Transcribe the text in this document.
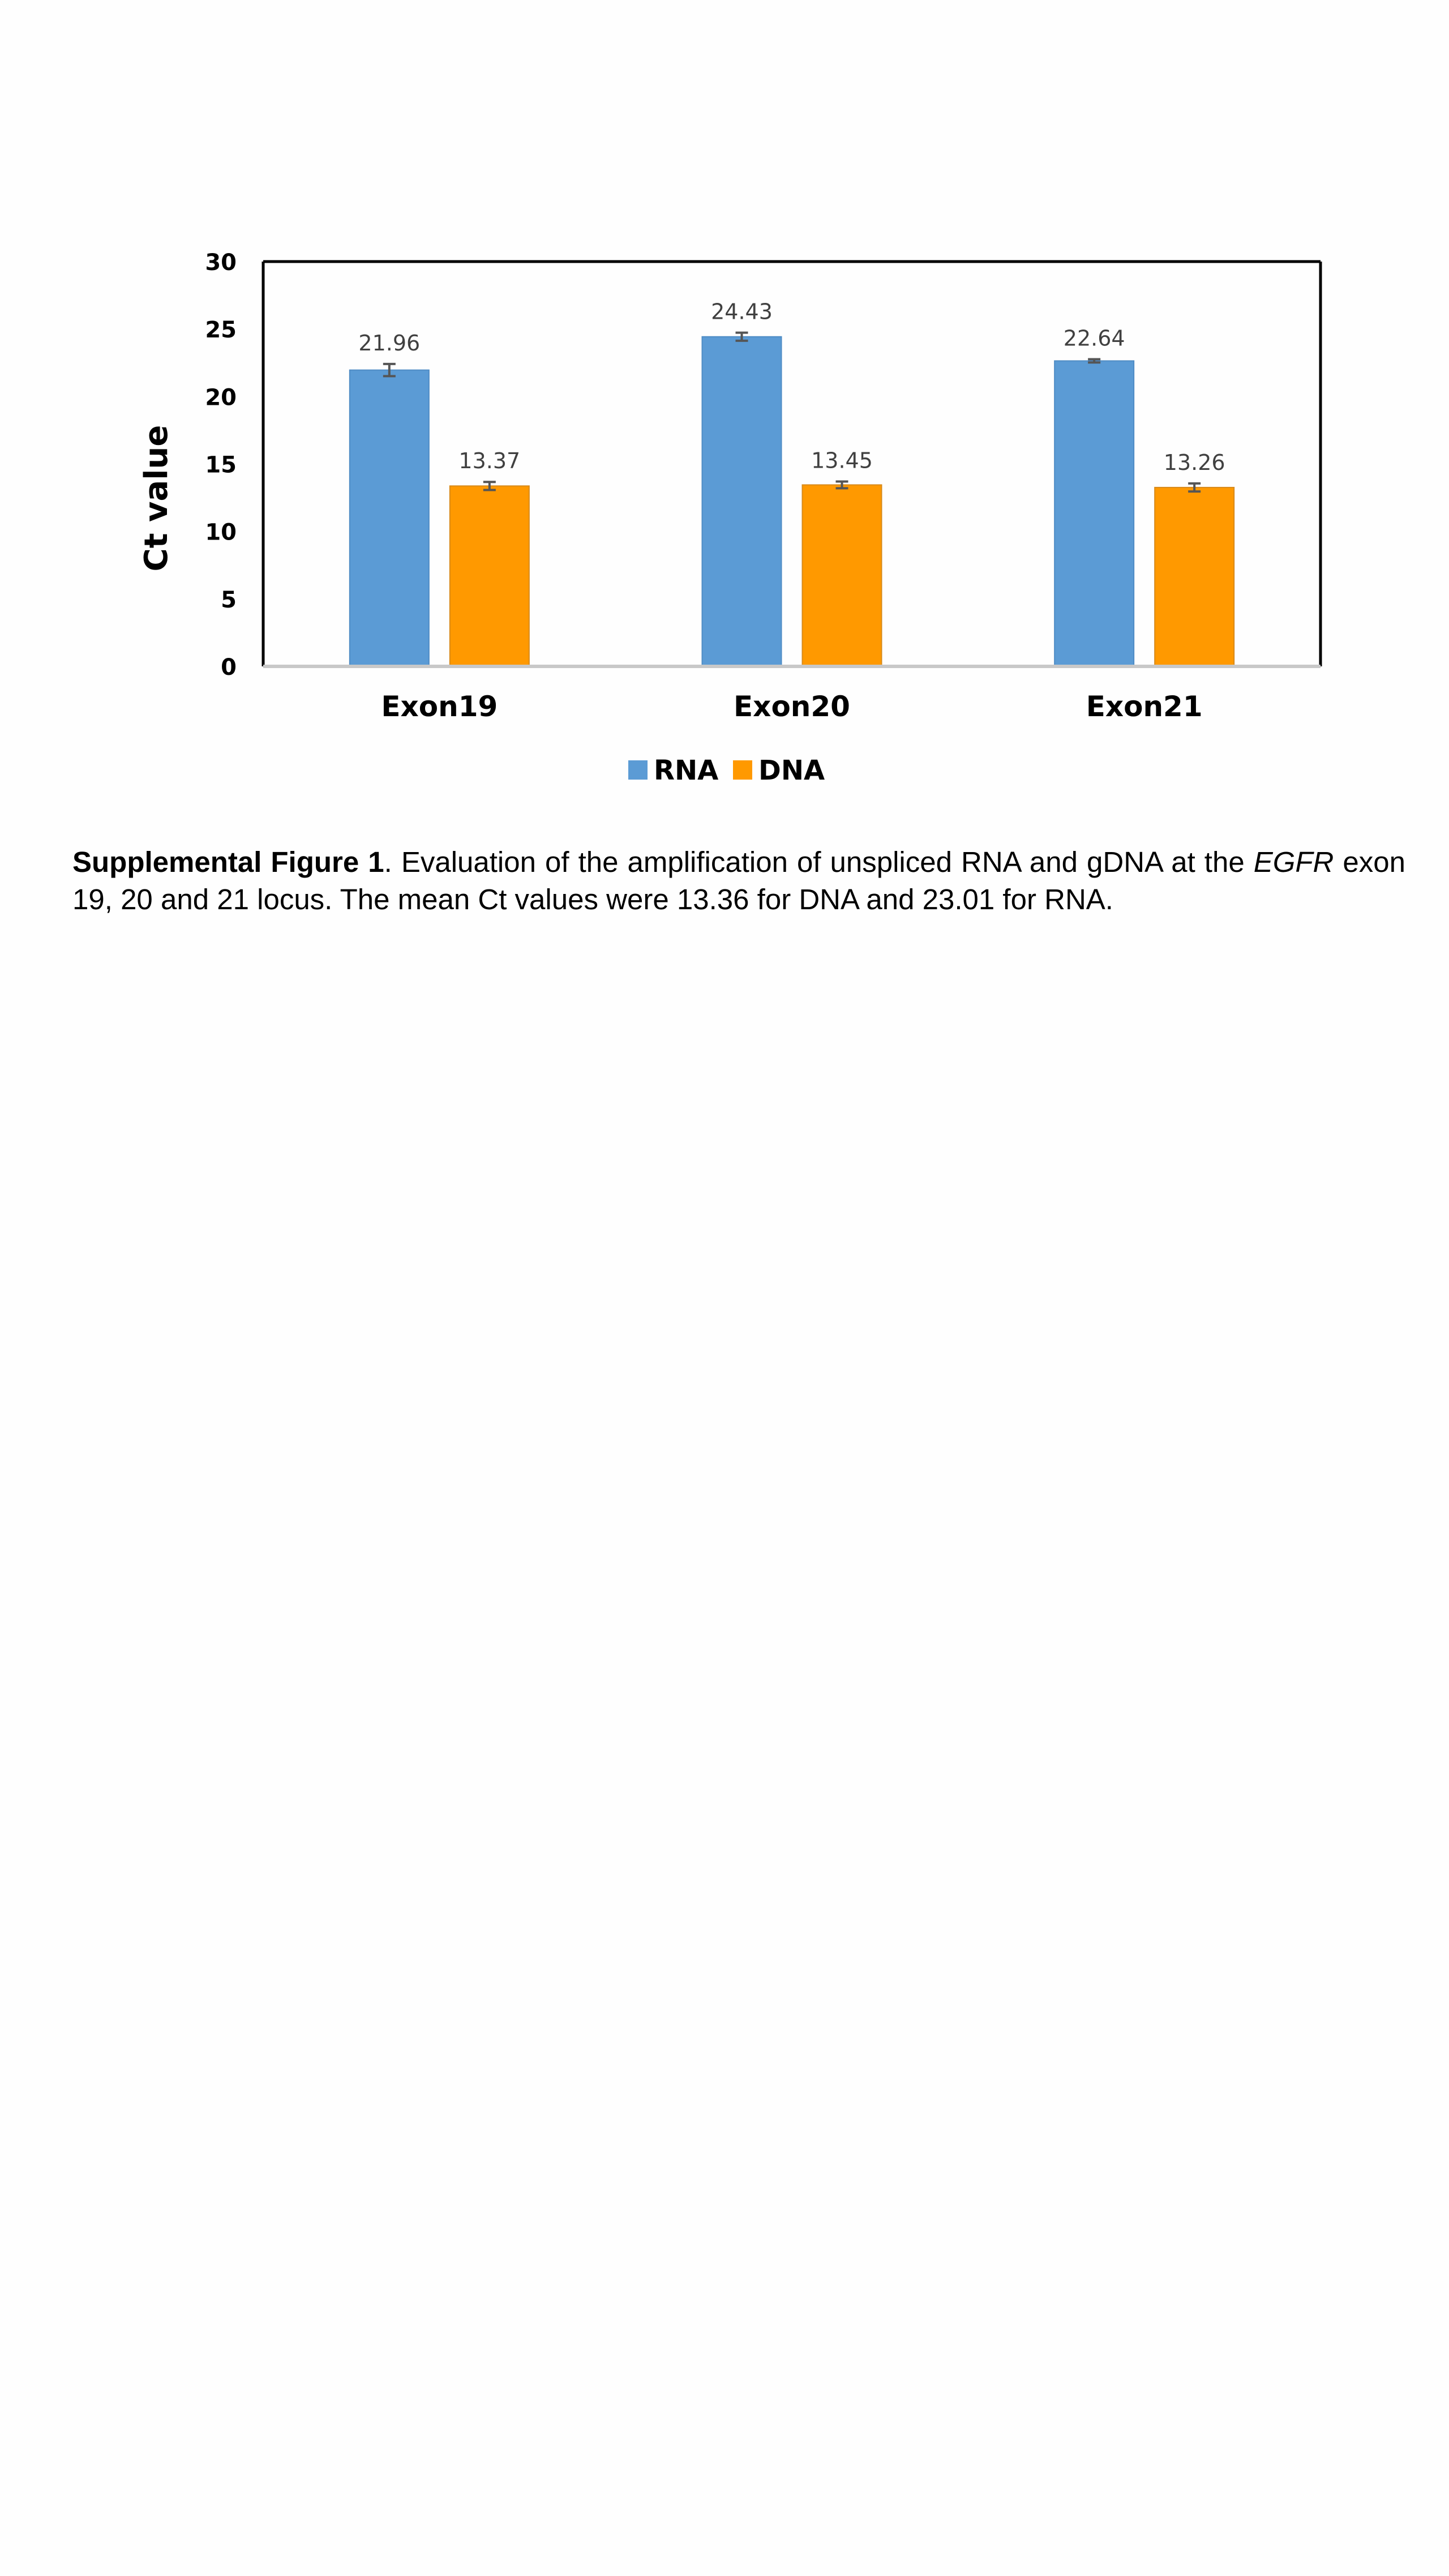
0
5
10
15
20
25
30
21.96
24.43
22.64
13.37	13.45	13.26
Exon19	Exon20	Exon21
Ct value
RNA DNA

Supplemental Figure 1. Evaluation of the amplification of unspliced RNA and gDNA at the EGFR exon 19, 20 and 21 locus. The mean Ct values were 13.36 for DNA and 23.01 for RNA.
